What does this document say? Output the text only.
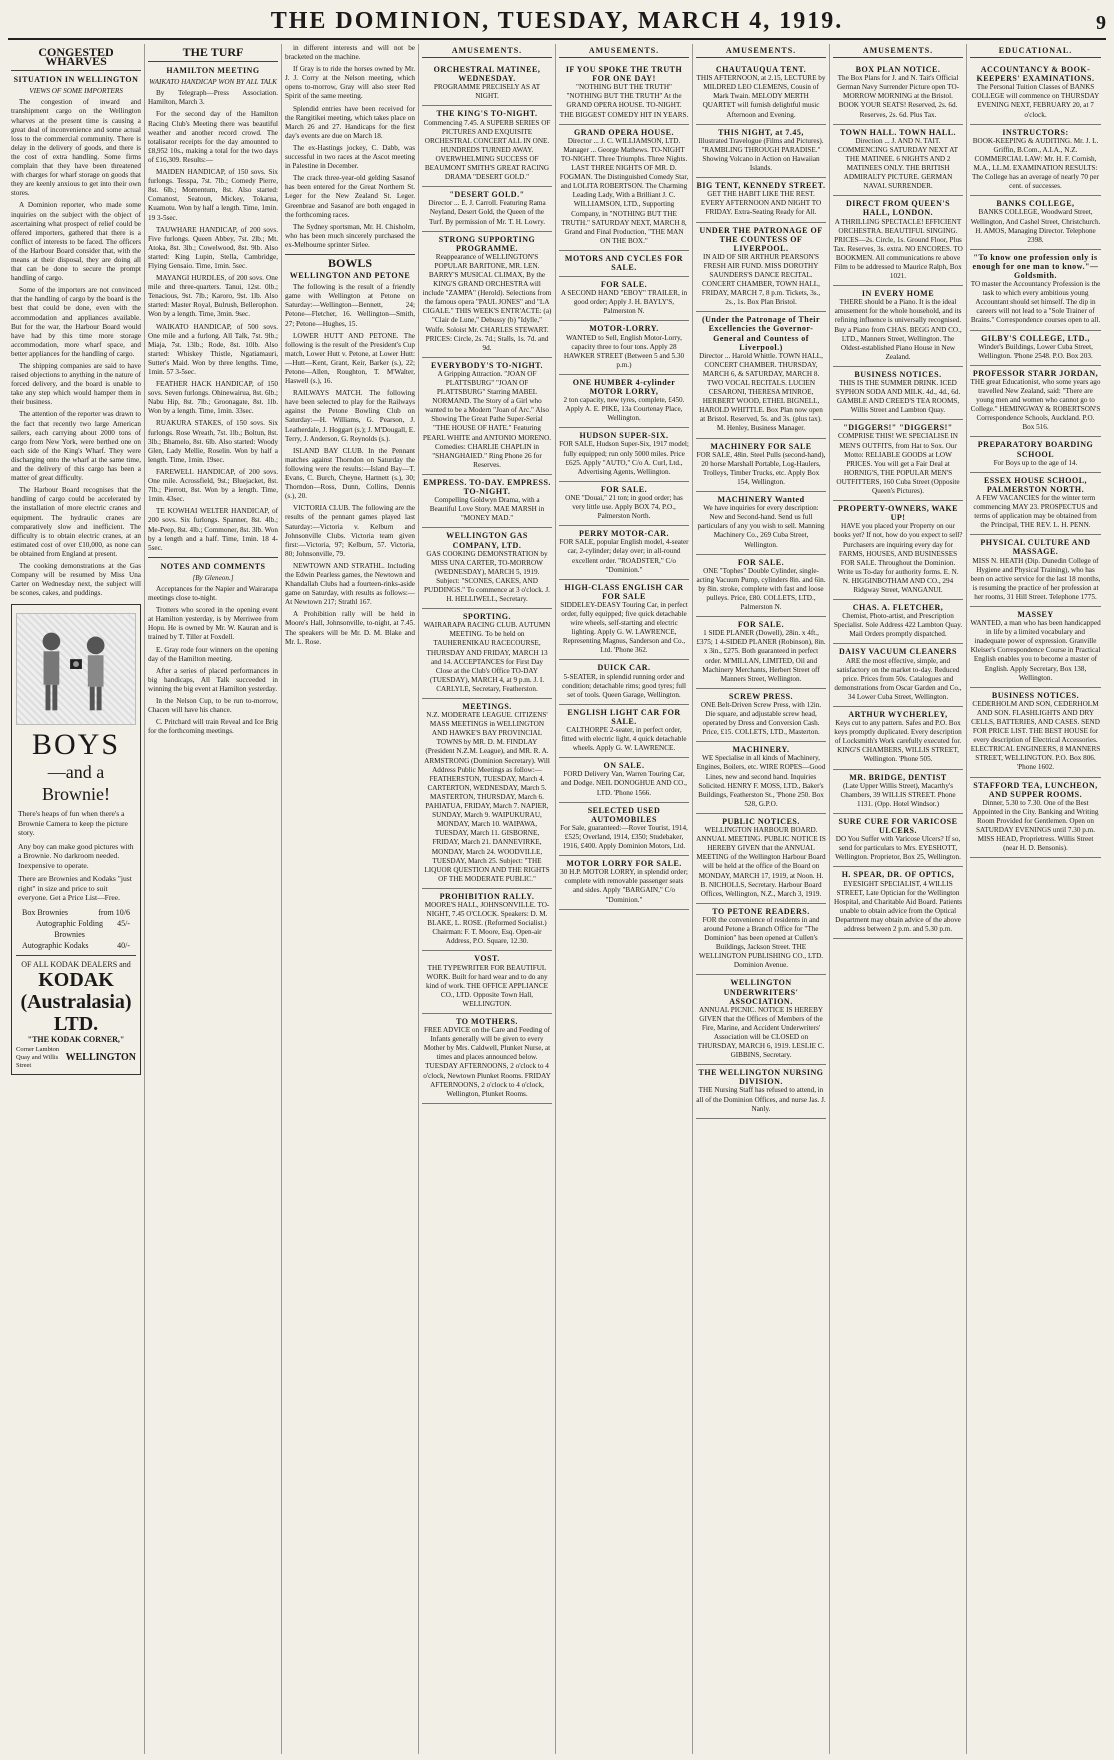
THE DOMINION, TUESDAY, MARCH 4, 1919.	9
CONGESTED WHARVES
SITUATION IN WELLINGTON
VIEWS OF SOME IMPORTERS

The congestion of inward and transhipment cargo on the Wellington wharves at the present time is causing a great deal of inconvenience and some actual loss to the commercial community. There is delay in the delivery of goods, and there is the cost of extra handling. Some firms complain that they have been threatened with charges for wharf storage on goods that they are keenly anxious to get into their own stores.

A Dominion reporter, who made some inquiries on the subject with the object of ascertaining what prospect of relief could be offered importers, gathered that there is a conflict of interests to be faced. The officers of the Harbour Board consider that, with the means at their disposal, they are doing all that can be done to secure the prompt handling of cargo.

Some of the importers are not convinced that the handling of cargo by the board is the best that could be done, even with the accommodation and appliances available. But for the war, the Harbour Board would have had by this time more storage accommodation, more wharf space, and better appliances for the handling of cargo.

The shipping companies are said to have raised objections to anything in the nature of forced delivery, and the board is unable to take any step which would hamper them in their business.

The attention of the reporter was drawn to the fact that recently two large American sailers, each carrying about 2000 tons of cargo from New York, were berthed one on each side of the King's Wharf. They were discharging onto the wharf at the same time, and the delivery of this cargo has been a matter of great difficulty.

The Harbour Board recognises that the handling of cargo could be accelerated by the installation of more electric cranes and equipment. The hydraulic cranes are comparatively slow and inefficient. The difficulty is to obtain electric cranes, at an estimated cost of over £10,000, as none can be obtained from England at present.

The cooking demonstrations at the Gas Company will be resumed by Miss Una Carter on Wednesday next, the subject will be scones, cakes, and puddings.

BOYS
—and a Brownie!
There's heaps of fun when there's a Brownie Camera to keep the picture story.
Any boy can make good pictures with a Brownie. No darkroom needed. Inexpensive to operate.
There are Brownies and Kodaks "just right" in size and price to suit everyone. Get a Price List—Free.
Box Brownies	from 10/6
Autographic Folding Brownies
45/-
Autographic Kodaks	40/-
OF ALL KODAK DEALERS and
KODAK (Australasia) LTD.
"THE KODAK CORNER,"
Corner Lambton Quay and Willis Street
WELLINGTON
THE TURF
HAMILTON MEETING
WAIKATO HANDICAP WON BY ALL TALK

By Telegraph—Press Association. Hamilton, March 3.

For the second day of the Hamilton Racing Club's Meeting there was beautiful weather and another record crowd. The totalisator receipts for the day amounted to £8,952 10s., making a total for the two days of £16,309. Results:—

MAIDEN HANDICAP, of 150 sovs. Six furlongs. Tesspa, 7st. 7lb.; Comedy Pierre, 8st. 6lb.; Momentum, 8st. Also started: Comanost, Seatoun, Mickey, Tokarua, Kuamotu. Won by half a length. Time, 1min. 19 3-5sec.

TAUWHARE HANDICAP, of 200 sovs. Five furlongs. Queen Abbey, 7st. 2lb.; Mt. Atoka, 8st. 3lb.; Cowelwood, 8st. 9lb. Also started: King Lupin, Stella, Cambridge, Flying Gensaio. Time, 1min. 5sec.

MAYANGI HURDLES, of 200 sovs. One mile and three-quarters. Tanui, 12st. 0lb.; Tenacious, 9st. 7lb.; Karoro, 9st. 1lb. Also started: Master Royal, Bulrush, Bellerophon. Won by a length. Time, 3min. 9sec.

WAIKATO HANDICAP, of 500 sovs. One mile and a furlong. All Talk, 7st. 9lb.; Miaja, 7st. 13lb.; Rode, 8st. 10lb. Also started: Whiskey Thistle, Ngatiamauri, Sutter's Maid. Won by three lengths. Time, 1min. 57 3-5sec.

FEATHER HACK HANDICAP, of 150 sovs. Seven furlongs. Ohinewairua, 8st. 6lb.; Nabu Hip, 8st. 7lb.; Groonagate, 8st. 1lb. Won by a length. Time, 1min. 33sec.

RUAKURA STAKES, of 150 sovs. Six furlongs. Rose Wreath, 7st. 1lb.; Boltun, 8st. 3lb.; Bhamelo, 8st. 6lb. Also started: Woody Glen, Lady Mellie, Roselin. Won by half a length. Time, 1min. 19sec.

FAREWELL HANDICAP, of 200 sovs. One mile. Acrossfield, 9st.; Bluejacket, 8st. 7lb.; Pierrott, 8st. Won by a length. Time, 1min. 43sec.

TE KOWHAI WELTER HANDICAP, of 200 sovs. Six furlongs. Spanner, 8st. 4lb.; Me-Peep, 8st. 4lb.; Commoner, 8st. 3lb. Won by a length and a half. Time, 1min. 18 4-5sec.

NOTES AND COMMENTS
[By Gleneon.]

Acceptances for the Napier and Wairarapa meetings close to-night.

Trotters who scored in the opening event at Hamilton yesterday, is by Merriwee from Hopu. He is owned by Mr. W. Kauran and is trained by T. Tiller at Foxdell.

E. Gray rode four winners on the opening day of the Hamilton meeting.

After a series of placed performances in big handicaps, All Talk succeeded in winning the big event at Hamilton yesterday.

In the Nelson Cup, to be run to-morrow, Chacen will have his chance.

C. Pritchard will train Reveal and Ice Brig for the forthcoming meetings.

in different interests and will not be bracketed on the machine.

If Gray is to ride the horses owned by Mr. J. J. Corry at the Nelson meeting, which opens to-morrow, Gray will also steer Red Spirit of the same meeting.

Splendid entries have been received for the Rangitikei meeting, which takes place on March 26 and 27. Handicaps for the first day's events are due on March 18.

The ex-Hastings jockey, C. Dabb, was successful in two races at the Ascot meeting in Palestine in December.

The crack three-year-old gelding Sasanof has been entered for the Great Northern St. Leger for the New Zealand St. Leger. Greenbrae and Sasanof are both engaged in the forthcoming races.

The Sydney sportsman, Mr. H. Chisholm, who has been much sincerely purchased the ex-Melbourne sprinter Sirlee.

BOWLS
WELLINGTON AND PETONE

The following is the result of a friendly game with Wellington at Petone on Saturday:—Wellington—Bennett, 24; Petone—Fletcher, 16. Wellington—Smith, 27; Petone—Hughes, 15.

LOWER HUTT AND PETONE. The following is the result of the President's Cup match, Lower Hutt v. Petone, at Lower Hutt:—Hutt—Kent, Grant, Keir, Barker (s.), 22; Petone—Allen, Roughton, T. M'Walter, Haswell (s.), 16.

RAILWAYS MATCH. The following have been selected to play for the Railways against the Petone Bowling Club on Saturday:—H. Williams, G. Pearson, J. Leatherdale, J. Hoggart (s.); J. M'Dougall, E. Terry, J. Anderson, G. Reynolds (s.).

ISLAND BAY CLUB. In the Pennant matches against Thorndon on Saturday the following were the results:—Island Bay—T. Evans, C. Burch, Cheyne, Hartnett (s.), 30; Thorndon—Ross, Dunn, Collins, Dennis (s.), 20.

VICTORIA CLUB. The following are the results of the pennant games played last Saturday:—Victoria v. Kelburn and Johnsonville Clubs. Victoria team given first:—Victoria, 97; Kelburn, 57. Victoria, 80; Johnsonville, 79.

NEWTOWN AND STRATHL. Including the Edwin Pearless games, the Newtown and Khandallah Clubs had a fourteen-rinks-aside game on Saturday, with results as follows:—At Newtown 217; Strathl 167.

A Prohibition rally will be held in Moore's Hall, Johnsonville, to-night, at 7.45. The speakers will be Mr. D. M. Blake and Mr. L. Rose.

AMUSEMENTS.
ORCHESTRAL MATINEE, WEDNESDAY.
PROGRAMME PRECISELY AS AT NIGHT.
THE KING'S TO-NIGHT.
Commencing 7.45. A SUPERB SERIES OF PICTURES AND EXQUISITE ORCHESTRAL CONCERT ALL IN ONE. HUNDREDS TURNED AWAY. OVERWHELMING SUCCESS OF BEAUMONT SMITH'S GREAT RACING DRAMA "DESERT GOLD."
"DESERT GOLD."
Director ... E. J. Carroll. Featuring Rama Neyland, Desert Gold, the Queen of the Turf. By permission of Mr. T. H. Lowry.
STRONG SUPPORTING PROGRAMME.
Reappearance of WELLINGTON'S POPULAR BARITONE, MR. LEN. BARRY'S MUSICAL CLIMAX, By the KING'S GRAND ORCHESTRA will include "ZAMPA" (Herold). Selections from the famous opera "PAUL JONES" and "LA CIGALE." THIS WEEK'S ENTR'ACTE: (a) "Clair de Lune," Debussy (b) "Idylle," Wolfe. Soloist Mr. CHARLES STEWART. PRICES: Circle, 2s. 7d.; Stalls, 1s. 7d. and 9d.
EVERYBODY'S TO-NIGHT.
A Gripping Attraction. "JOAN OF PLATTSBURG" "JOAN OF PLATTSBURG" Starring MABEL NORMAND. The Story of a Girl who wanted to be a Modern "Joan of Arc." Also Showing The Great Pathe Super-Serial "THE HOUSE OF HATE." Featuring PEARL WHITE and ANTONIO MORENO. Comedies: CHARLIE CHAPLIN in "SHANGHAIED." Ring Phone 26 for Reserves.
EMPRESS. TO-DAY. EMPRESS. TO-NIGHT.
Compelling Goldwyn Drama, with a Beautiful Love Story. MAE MARSH in "MONEY MAD."
WELLINGTON GAS COMPANY, LTD.
GAS COOKING DEMONSTRATION by MISS UNA CARTER, TO-MORROW (WEDNESDAY), MARCH 5, 1919. Subject: "SCONES, CAKES, AND PUDDINGS." To commence at 3 o'clock. J. H. HELLIWELL, Secretary.
SPORTING.
WAIRARAPA RACING CLUB. AUTUMN MEETING. To be held on TAUHERENIKAU RACECOURSE, THURSDAY AND FRIDAY, MARCH 13 and 14. ACCEPTANCES for First Day Close at the Club's Office TO-DAY (TUESDAY), MARCH 4, at 9 p.m. J. I. CARLYLE, Secretary, Featherston.
MEETINGS.
N.Z. MODERATE LEAGUE. CITIZENS' MASS MEETINGS in WELLINGTON AND HAWKE'S BAY PROVINCIAL TOWNS by MR. D. M. FINDLAY (President N.Z.M. League), and MR. R. A. ARMSTRONG (Dominion Secretary). Will Address Public Meetings as follow:— FEATHERSTON, TUESDAY, March 4. CARTERTON, WEDNESDAY, March 5. MASTERTON, THURSDAY, March 6. PAHIATUA, FRIDAY, March 7. NAPIER, SUNDAY, March 9. WAIPUKURAU, MONDAY, March 10. WAIPAWA, TUESDAY, March 11. GISBORNE, FRIDAY, March 21. DANNEVIRKE, MONDAY, March 24. WOODVILLE, TUESDAY, March 25. Subject: "THE LIQUOR QUESTION AND THE RIGHTS OF THE MODERATE PUBLIC."
PROHIBITION RALLY.
MOORE'S HALL, JOHNSONVILLE. TO-NIGHT, 7.45 O'CLOCK. Speakers: D. M. BLAKE, L. ROSE. (Reformed Socialist.) Chairman: F. T. Moore, Esq. Open-air Address, P.O. Square, 12.30.
VOST.
THE TYPEWRITER FOR BEAUTIFUL WORK. Built for hard wear and to do any kind of work. THE OFFICE APPLIANCE CO., LTD. Opposite Town Hall, WELLINGTON.
TO MOTHERS.
FREE ADVICE on the Care and Feeding of Infants generally will be given to every Mother by Mrs. Caldwell, Plunket Nurse, at times and places announced below. TUESDAY AFTERNOONS, 2 o'clock to 4 o'clock, Newtown Plunket Rooms. FRIDAY AFTERNOONS, 2 o'clock to 4 o'clock, Wellington, Plunket Rooms.
AMUSEMENTS.
IF YOU SPOKE THE TRUTH FOR ONE DAY!
"NOTHING BUT THE TRUTH" "NOTHING BUT THE TRUTH" At the GRAND OPERA HOUSE. TO-NIGHT. THE BIGGEST COMEDY HIT IN YEARS.
GRAND OPERA HOUSE.
Director ... J. C. WILLIAMSON, LTD. Manager ... George Mathews. TO-NIGHT TO-NIGHT. Three Triumphs. Three Nights. LAST THREE NIGHTS OF MR. D. FOGMAN. The Distinguished Comedy Star, and LOLITA ROBERTSON. The Charming Leading Lady, With a Brilliant J. C. WILLIAMSON, LTD., Supporting Company, in "NOTHING BUT THE TRUTH." SATURDAY NEXT, MARCH 8, Grand and Final Production, "THE MAN ON THE BOX."
MOTORS AND CYCLES FOR SALE.
FOR SALE.
A SECOND HAND "EBOY" TRAILER, in good order; Apply J. H. BAYLY'S, Palmerston N.
MOTOR-LORRY.
WANTED to Sell, English Motor-Lorry, capacity three to four tons. Apply 28 HAWKER STREET (Between 5 and 5.30 p.m.)
ONE HUMBER 4-cylinder MOTOR LORRY,
2 ton capacity, new tyres, complete, £450. Apply A. E. PIKE, 13a Courtenay Place, Wellington.
HUDSON SUPER-SIX.
FOR SALE, Hudson Super-Six, 1917 model; fully equipped; run only 5000 miles. Price £625. Apply "AUTO," C/o A. Curl, Ltd., Advertising Agents, Wellington.
FOR SALE.
ONE "Douai," 21 ton; in good order; has very little use. Apply BOX 74, P.O., Palmerston North.
PERRY MOTOR-CAR.
FOR SALE, popular English model, 4-seater car, 2-cylinder; delay over; in all-round excellent order. "ROADSTER," C/o "Dominion."
HIGH-CLASS ENGLISH CAR FOR SALE
SIDDELEY-DEASY Touring Car, in perfect order, fully equipped; five quick detachable wire wheels, self-starting and electric lighting. Apply G. W. LAWRENCE, Representing Magnus, Sanderson and Co., Ltd. 'Phone 362.
DUICK CAR.
5-SEATER, in splendid running order and condition; detachable rims; good tyres; full set of tools. Queen Garage, Wellington.
ENGLISH LIGHT CAR FOR SALE.
CALTHORPE 2-seater, in perfect order, fitted with electric light, 4 quick detachable wheels. Apply G. W. LAWRENCE.
ON SALE.
FORD Delivery Van, Warren Touring Car, and Dodge. NEIL DONOGHUE AND CO., LTD. 'Phone 1566.
SELECTED USED AUTOMOBILES
For Sale, guaranteed:—Rover Tourist, 1914, £525; Overland, 1914, £350; Studebaker, 1916, £400. Apply Dominion Motors, Ltd.
MOTOR LORRY FOR SALE.
30 H.P. MOTOR LORRY, in splendid order; complete with removable passenger seats and sides. Apply "BARGAIN," C/o "Dominion."
AMUSEMENTS.
CHAUTAUQUA TENT.
THIS AFTERNOON, at 2.15, LECTURE by MILDRED LEO CLEMENS, Cousin of Mark Twain. MELODY MERTH QUARTET will furnish delightful music Afternoon and Evening.
THIS NIGHT, at 7.45,
Illustrated Travelogue (Films and Pictures). "RAMBLING THROUGH PARADISE." Showing Volcano in Action on Hawaiian Islands.
BIG TENT, KENNEDY STREET.
GET THE HABIT LIKE THE REST. EVERY AFTERNOON AND NIGHT TO FRIDAY. Extra-Seating Ready for All.
UNDER THE PATRONAGE OF THE COUNTESS OF LIVERPOOL.
IN AID OF SIR ARTHUR PEARSON'S FRESH AIR FUND. MISS DOROTHY SAUNDERS'S DANCE RECITAL. CONCERT CHAMBER, TOWN HALL, FRIDAY, MARCH 7, 8 p.m. Tickets, 3s., 2s., 1s. Box Plan Bristol.
(Under the Patronage of Their Excellencies the Governor-General and Countess of Liverpool.)
Director ... Harold Whittle. TOWN HALL, CONCERT CHAMBER. THURSDAY, MARCH 6, & SATURDAY, MARCH 8. TWO VOCAL RECITALS. LUCIEN CESARONI, THERESA M'INROE, HERBERT WOOD, ETHEL BIGNELL, HAROLD WHITTLE. Box Plan now open at Bristol. Reserved, 5s. and 3s. (plus tax). M. Henley, Business Manager.
MACHINERY FOR SALE
FOR SALE, 48in. Steel Pulls (second-hand), 20 horse Marshall Portable, Log-Haulers, Trolleys, Timber Trucks, etc. Apply Box 154, Wellington.
MACHINERY Wanted
We have inquiries for every description: New and Second-hand. Send us full particulars of any you wish to sell. Manning Machinery Co., 269 Cuba Street, Wellington.
FOR SALE.
ONE "Tophes" Double Cylinder, single-acting Vacuum Pump, cylinders 8in. and 6in. by 8in. stroke, complete with fast and loose pulleys. Price, £80. COLLETS, LTD., Palmerston N.
FOR SALE.
1 SIDE PLANER (Dowell), 28in. x 4ft., £375; 1 4-SIDED PLANER (Robinson), 8in. x 3in., £275. Both guaranteed in perfect order. M'MILLAN, LIMITED, Oil and Machinery Merchants, Herbert Street off Manners Street, Wellington.
SCREW PRESS.
ONE Belt-Driven Screw Press, with 12in. Die square, and adjustable screw head, operated by Dress and Conversion Cash. Price, £15. COLLETS, LTD., Masterton.
MACHINERY.
WE Specialise in all kinds of Machinery, Engines, Boilers, etc. WIRE ROPES—Good Lines, new and second hand. Inquiries Solicited. HENRY F. MOSS, LTD., Baker's Buildings, Featherston St., 'Phone 250. Box 528, G.P.O.
PUBLIC NOTICES.
WELLINGTON HARBOUR BOARD. ANNUAL MEETING. PUBLIC NOTICE IS HEREBY GIVEN that the ANNUAL MEETING of the Wellington Harbour Board will be held at the office of the Board on MONDAY, MARCH 17, 1919, at Noon. H. B. NICHOLLS, Secretary. Harbour Board Offices, Wellington, N.Z., March 3, 1919.
TO PETONE READERS.
FOR the convenience of residents in and around Petone a Branch Office for "The Dominion" has been opened at Cullen's Buildings, Jackson Street. THE WELLINGTON PUBLISHING CO., LTD. Dominion Avenue.
WELLINGTON UNDERWRITERS' ASSOCIATION.
ANNUAL PICNIC. NOTICE IS HEREBY GIVEN that the Offices of Members of the Fire, Marine, and Accident Underwriters' Association will be CLOSED on THURSDAY, MARCH 6, 1919. LESLIE C. GIBBINS, Secretary.
THE WELLINGTON NURSING DIVISION.
THE Nursing Staff has refused to attend, in all of the Dominion Offices, and nurse Jas. J. Nanly.
AMUSEMENTS.
BOX PLAN NOTICE.
The Box Plans for J. and N. Tait's Official German Navy Surrender Picture open TO-MORROW MORNING at the Bristol. BOOK YOUR SEATS! Reserved, 2s. 6d. Reserves, 2s. 6d. Plus Tax.
TOWN HALL. TOWN HALL.
Direction ... J. AND N. TAIT. COMMENCING SATURDAY NEXT AT THE MATINEE. 6 NIGHTS AND 2 MATINEES ONLY. THE BRITISH ADMIRALTY PICTURE. GERMAN NAVAL SURRENDER.
DIRECT FROM QUEEN'S HALL, LONDON.
A THRILLING SPECTACLE! EFFICIENT ORCHESTRA. BEAUTIFUL SINGING. PRICES—2s. Circle, 1s. Ground Floor, Plus Tax. Reserves, 3s. extra. NO ENCORES. TO BOOKMEN. All communications re above Film to be addressed to Maurice Ralph, Box 1021.
IN EVERY HOME
THERE should be a Piano. It is the ideal amusement for the whole household, and its refining influence is universally recognised. Buy a Piano from CHAS. BEGG AND CO., LTD., Manners Street, Wellington. The Oldest-established Piano House in New Zealand.
BUSINESS NOTICES.
THIS IS THE SUMMER DRINK. ICED SYPHON SODA AND MILK. 4d., 4d., 6d. GAMBLE AND CREED'S TEA ROOMS, Willis Street and Lambton Quay.
"DIGGERS!" "DIGGERS!"
COMPRISE THIS! WE SPECIALISE IN MEN'S OUTFITS, from Hat to Sox. Our Motto: RELIABLE GOODS at LOW PRICES. You will get a Fair Deal at HORNIG'S, THE POPULAR MEN'S OUTFITTERS, 160 Cuba Street (Opposite Queen's Pictures).
PROPERTY-OWNERS, WAKE UP!
HAVE you placed your Property on our books yet? If not, how do you expect to sell? Purchasers are inquiring every day for FARMS, HOUSES, AND BUSINESSES FOR SALE. Throughout the Dominion. Write us To-day for authority forms. E. N. N. HIGGINBOTHAM AND CO., 294 Ridgway Street, WANGANUI.
CHAS. A. FLETCHER,
Chemist, Photo-artist, and Prescription Specialist. Sole Address 422 Lambton Quay. Mail Orders promptly dispatched.
DAISY VACUUM CLEANERS
ARE the most effective, simple, and satisfactory on the market to-day. Reduced price. Prices from 50s. Catalogues and demonstrations from Oscar Garden and Co., 34 Lower Cuba Street, Wellington.
ARTHUR WYCHERLEY,
Keys cut to any pattern. Safes and P.O. Box keys promptly duplicated. Every description of Locksmith's Work carefully executed for. KING'S CHAMBERS, WILLIS STREET, Wellington. 'Phone 505.
MR. BRIDGE, DENTIST
(Late Upper Willis Street), Macarthy's Chambers, 39 WILLIS STREET. Phone 1131. (Opp. Hotel Windsor.)
SURE CURE FOR VARICOSE ULCERS.
DO You Suffer with Varicose Ulcers? If so, send for particulars to Mrs. EYESHOTT, Wellington. Proprietor, Box 25, Wellington.
H. SPEAR, DR. OF OPTICS,
EYESIGHT SPECIALIST, 4 WILLIS STREET, Late Optician for the Wellington Hospital, and Charitable Aid Board. Patients unable to obtain advice from the Optical Department may obtain advice of the above address between 2 p.m. and 5.30 p.m.
EDUCATIONAL.
ACCOUNTANCY & BOOK-KEEPERS' EXAMINATIONS.
The Personal Tuition Classes of BANKS COLLEGE will commence on THURSDAY EVENING NEXT, FEBRUARY 20, at 7 o'clock.
INSTRUCTORS:
BOOK-KEEPING & AUDITING. Mr. J. L. Griffin, B.Com., A.I.A., N.Z. COMMERCIAL LAW: Mr. H. F. Cornish, M.A., LL.M. EXAMINATION RESULTS: The College has an average of nearly 70 per cent. of successes.
BANKS COLLEGE,
BANKS COLLEGE, Woodward Street, Wellington, And Cashel Street, Christchurch. H. AMOS, Managing Director. Telephone 2398.
"To know one profession only is enough for one man to know."—Goldsmith.
TO master the Accountancy Profession is the task to which every ambitious young Accountant should set himself. The dip in careers will not lead to a "Sole Trainer of Brains." Correspondence courses open to all.
GILBY'S COLLEGE, LTD.,
Winder's Buildings, Lower Cuba Street, Wellington. 'Phone 2548. P.O. Box 203.
PROFESSOR STARR JORDAN,
THE great Educationist, who some years ago travelled New Zealand, said: "There are young men and women who cannot go to College." HEMINGWAY & ROBERTSON'S Correspondence Schools, Auckland. P.O. Box 516.
PREPARATORY BOARDING SCHOOL
For Boys up to the age of 14.
ESSEX HOUSE SCHOOL, PALMERSTON NORTH.
A FEW VACANCIES for the winter term commencing MAY 23. PROSPECTUS and terms of application may be obtained from the Principal, THE REV. L. H. PENN.
PHYSICAL CULTURE AND MASSAGE.
MISS N. HEATH (Dip. Dunedin College of Hygiene and Physical Training), who has been on active service for the last 18 months, is resuming the practice of her profession at her rooms, 31 Hill Street. Telephone 1775.
MASSEY
WANTED, a man who has been handicapped in life by a limited vocabulary and inadequate power of expression. Granville Kleiser's Correspondence Course in Practical English enables you to become a master of English. Apply Secretary, Box 138, Wellington.
BUSINESS NOTICES.
CEDERHOLM AND SON, CEDERHOLM AND SON. FLASHLIGHTS AND DRY CELLS, BATTERIES, AND CASES. SEND FOR PRICE LIST. THE BEST HOUSE for every description of Electrical Accessories. ELECTRICAL ENGINEERS, 8 MANNERS STREET, WELLINGTON. P.O. Box 806. 'Phone 1602.
STAFFORD TEA, LUNCHEON, AND SUPPER ROOMS.
Dinner, 5.30 to 7.30. One of the Best Appointed in the City. Banking and Writing Room Provided for Gentlemen. Open on SATURDAY EVENINGS until 7.30 p.m. MISS HEAD, Proprietress. Willis Street (near H. D. Bensonis).
